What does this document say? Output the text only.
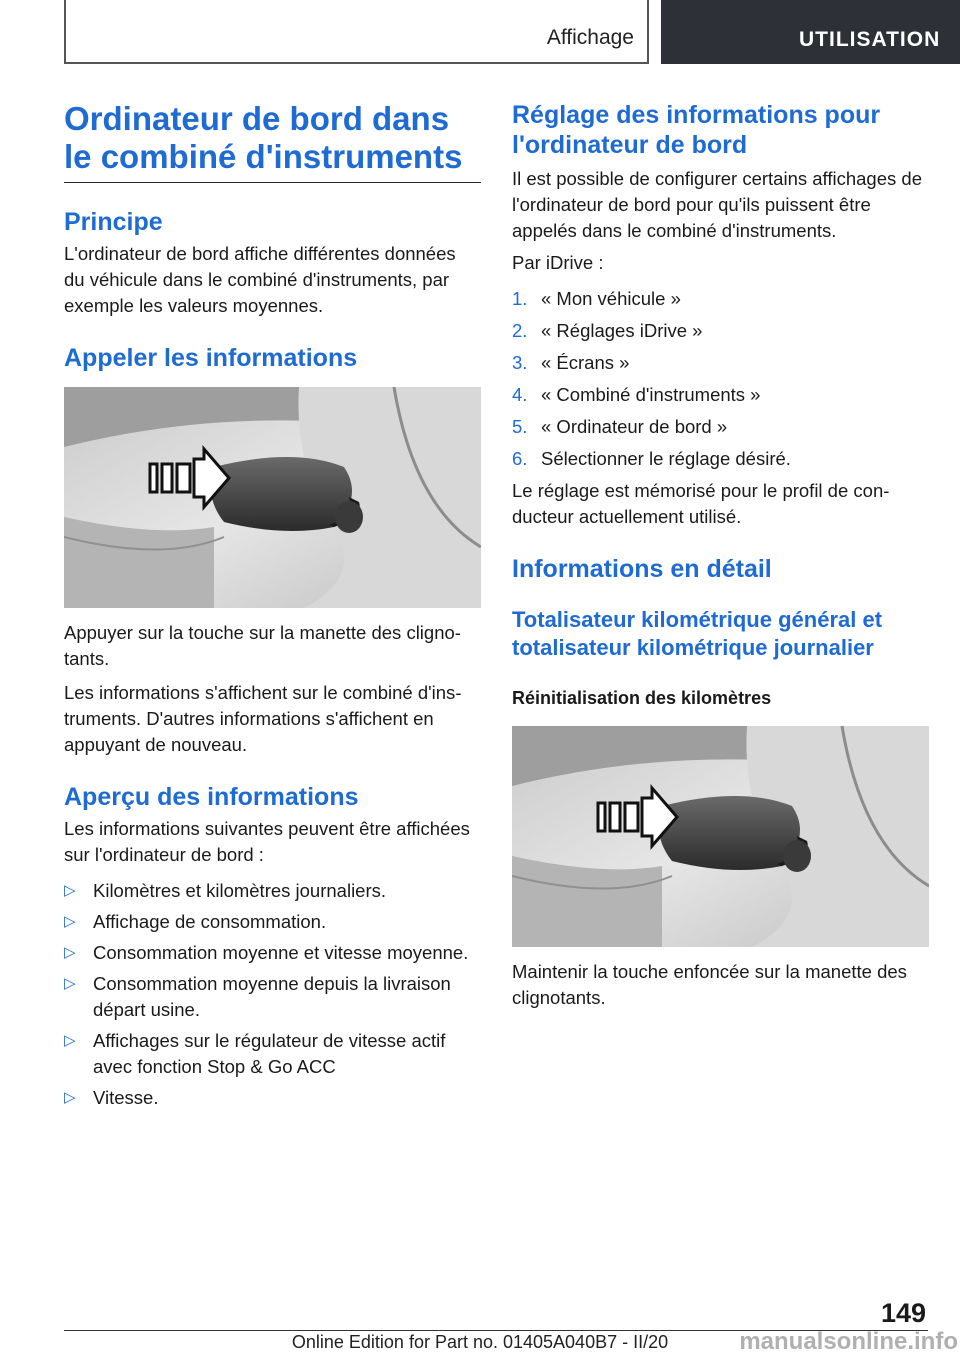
Affichage	UTILISATION
Ordinateur de bord dans le combiné d'instruments
Principe

L'ordinateur de bord affiche différentes données du véhicule dans le combiné d'instruments, par exemple les valeurs moyennes.

Appeler les informations

Appuyer sur la touche sur la manette des clignotants.

Les informations s'affichent sur le combiné d'instruments. D'autres informations s'affichent en appuyant de nouveau.

Aperçu des informations

Les informations suivantes peuvent être affichées sur l'ordinateur de bord :

▷ Kilomètres et kilomètres journaliers.
▷ Affichage de consommation.
▷ Consommation moyenne et vitesse moyenne.
▷ Consommation moyenne depuis la livraison départ usine.
▷ Affichages sur le régulateur de vitesse actif avec fonction Stop & Go ACC
▷ Vitesse.
Réglage des informations pour l'ordinateur de bord

Il est possible de configurer certains affichages de l'ordinateur de bord pour qu'ils puissent être appelés dans le combiné d'instruments.

Par iDrive :

1. « Mon véhicule »
2. « Réglages iDrive »
3. « Écrans »
4. « Combiné d'instruments »
5. « Ordinateur de bord »
6. Sélectionner le réglage désiré.

Le réglage est mémorisé pour le profil de conducteur actuellement utilisé.

Informations en détail
Totalisateur kilométrique général et totalisateur kilométrique journalier
Réinitialisation des kilomètres

Maintenir la touche enfoncée sur la manette des clignotants.

149
Online Edition for Part no. 01405A040B7 - II/20	manualsonline.info
